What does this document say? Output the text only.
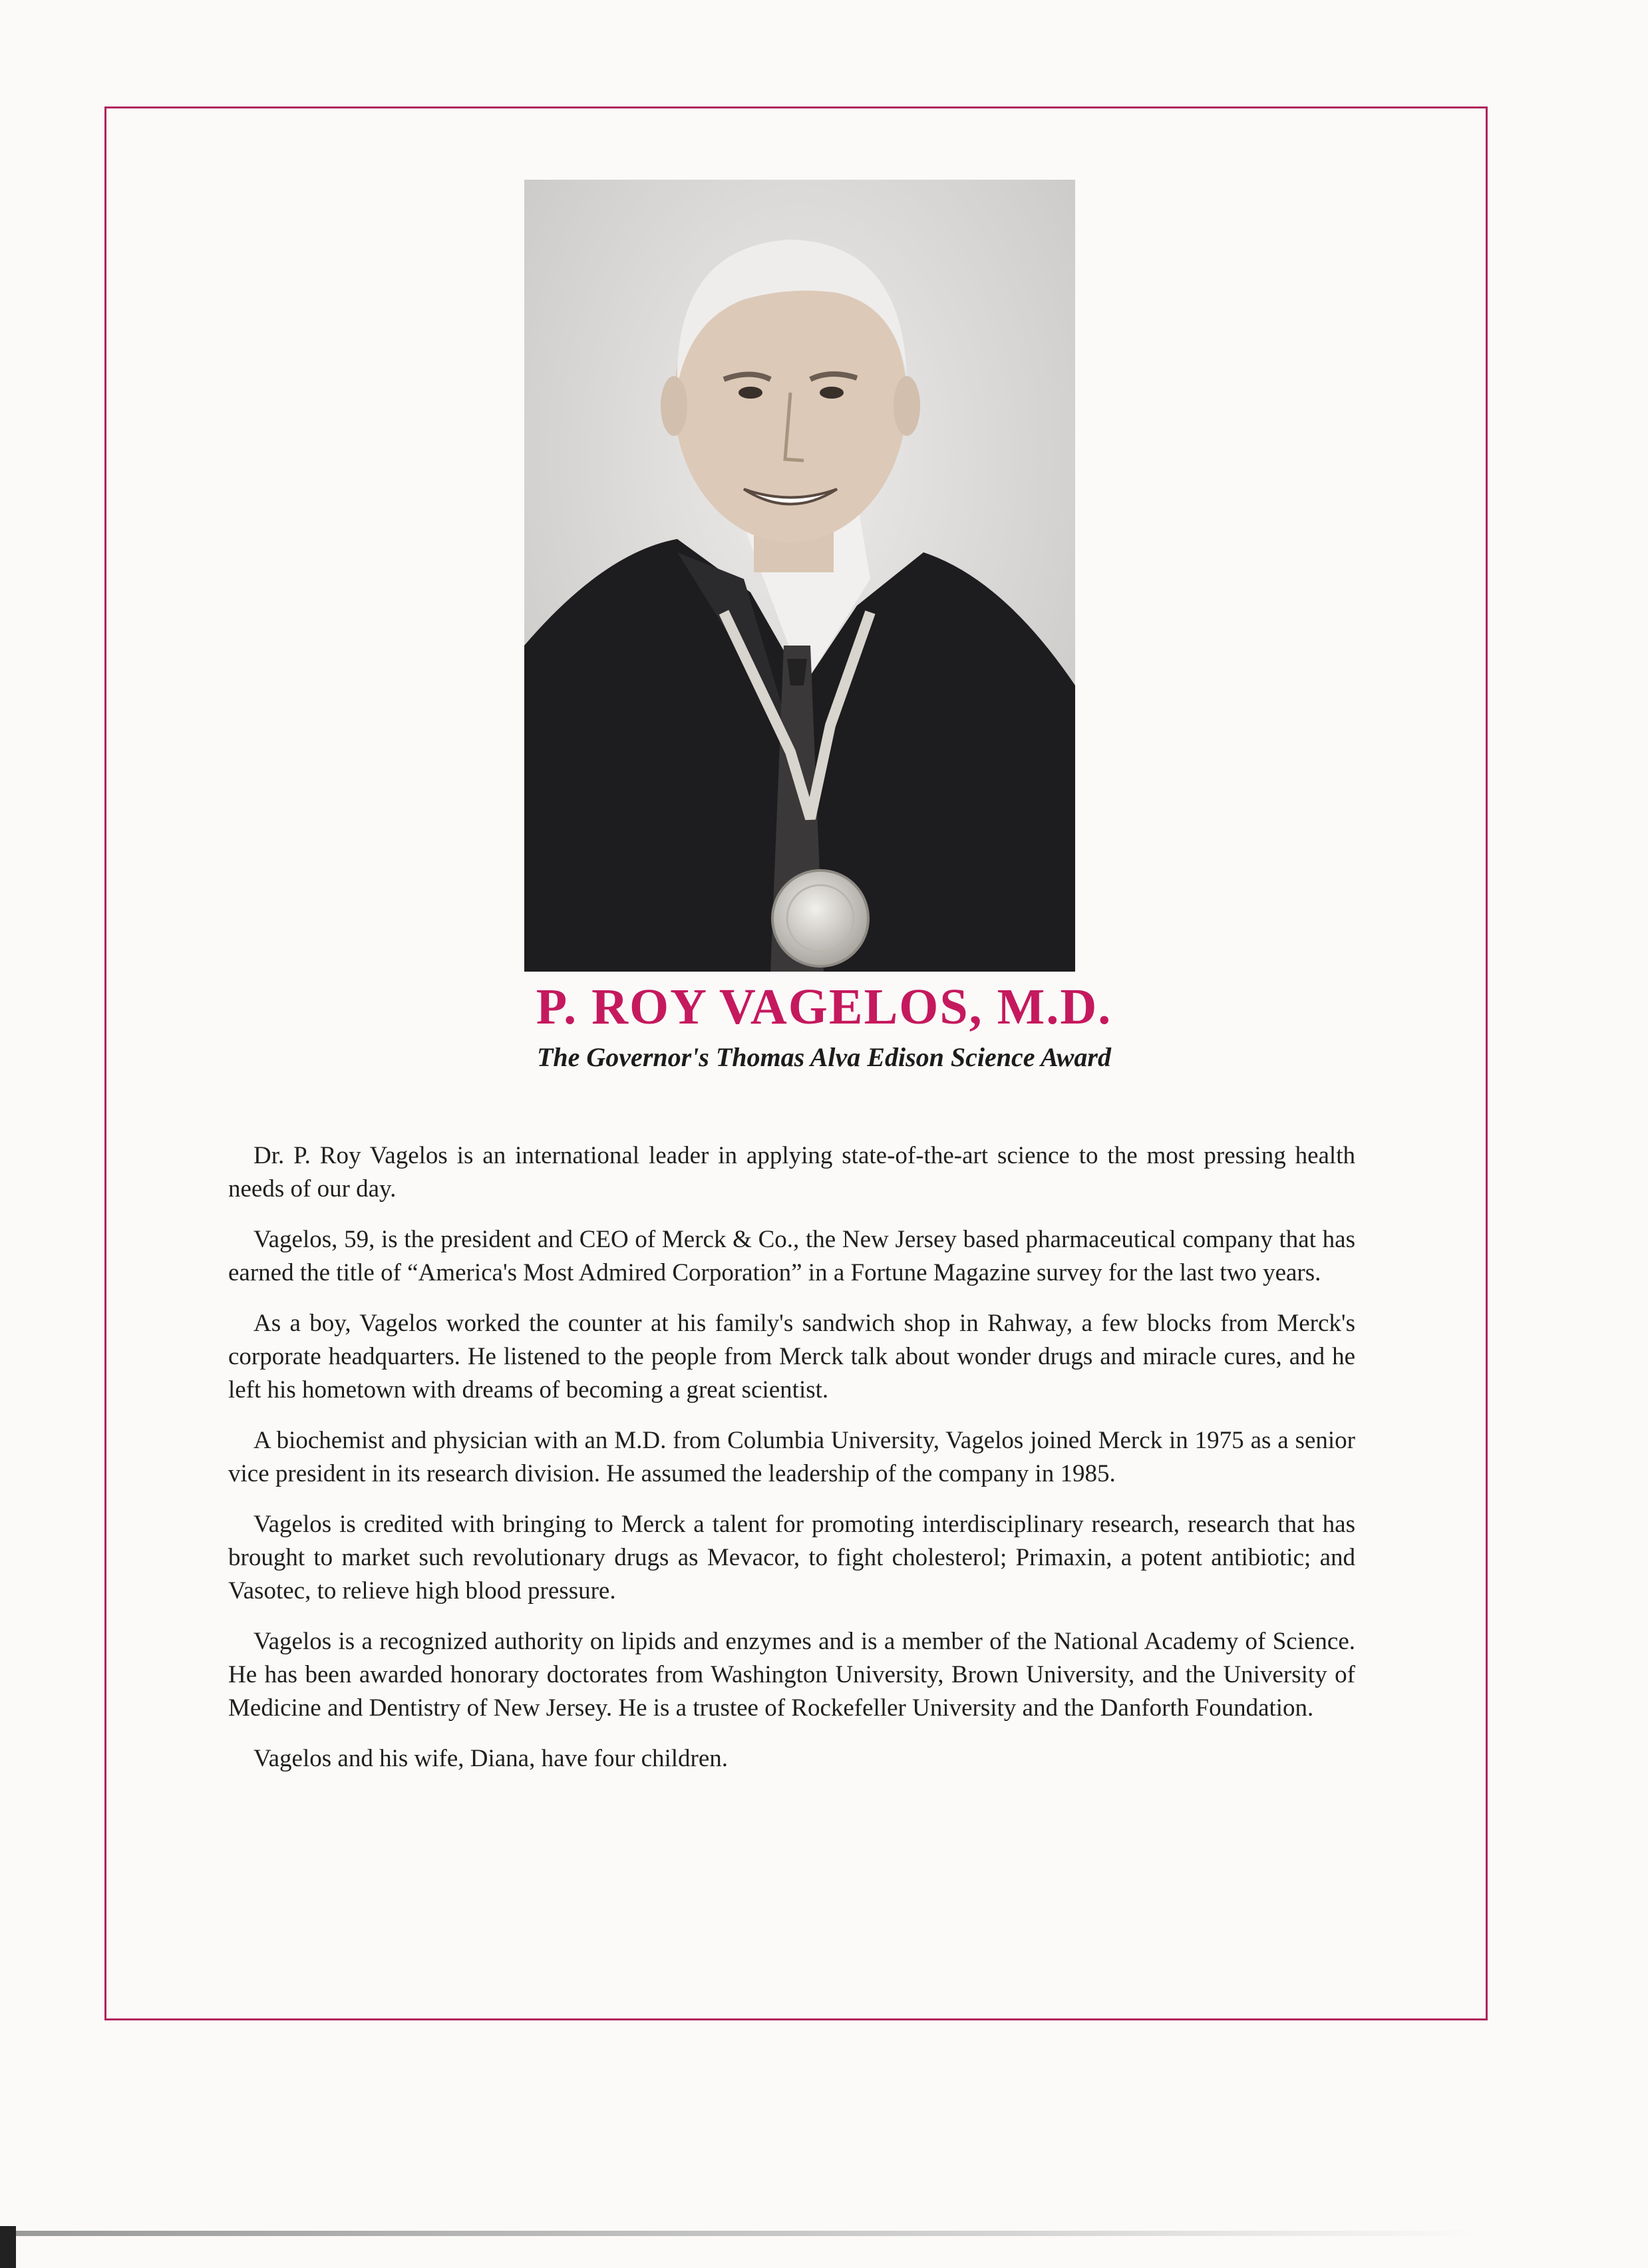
P. ROY VAGELOS, M.D.
The Governor's Thomas Alva Edison Science Award

Dr. P. Roy Vagelos is an international leader in applying state-of-the-art science to the most pressing health needs of our day.

Vagelos, 59, is the president and CEO of Merck & Co., the New Jersey based pharmaceutical company that has earned the title of “America's Most Admired Corporation” in a Fortune Magazine survey for the last two years.

As a boy, Vagelos worked the counter at his family's sandwich shop in Rahway, a few blocks from Merck's corporate headquarters. He listened to the people from Merck talk about wonder drugs and miracle cures, and he left his hometown with dreams of becoming a great scientist.

A biochemist and physician with an M.D. from Columbia University, Vagelos joined Merck in 1975 as a senior vice president in its research division. He assumed the leadership of the company in 1985.

Vagelos is credited with bringing to Merck a talent for promoting interdisciplinary research, research that has brought to market such revolutionary drugs as Mevacor, to fight cholesterol; Primaxin, a potent antibiotic; and Vasotec, to relieve high blood pressure.

Vagelos is a recognized authority on lipids and enzymes and is a member of the National Academy of Science. He has been awarded honorary doctorates from Washington University, Brown University, and the University of Medicine and Dentistry of New Jersey. He is a trustee of Rockefeller University and the Danforth Foundation.

Vagelos and his wife, Diana, have four children.
